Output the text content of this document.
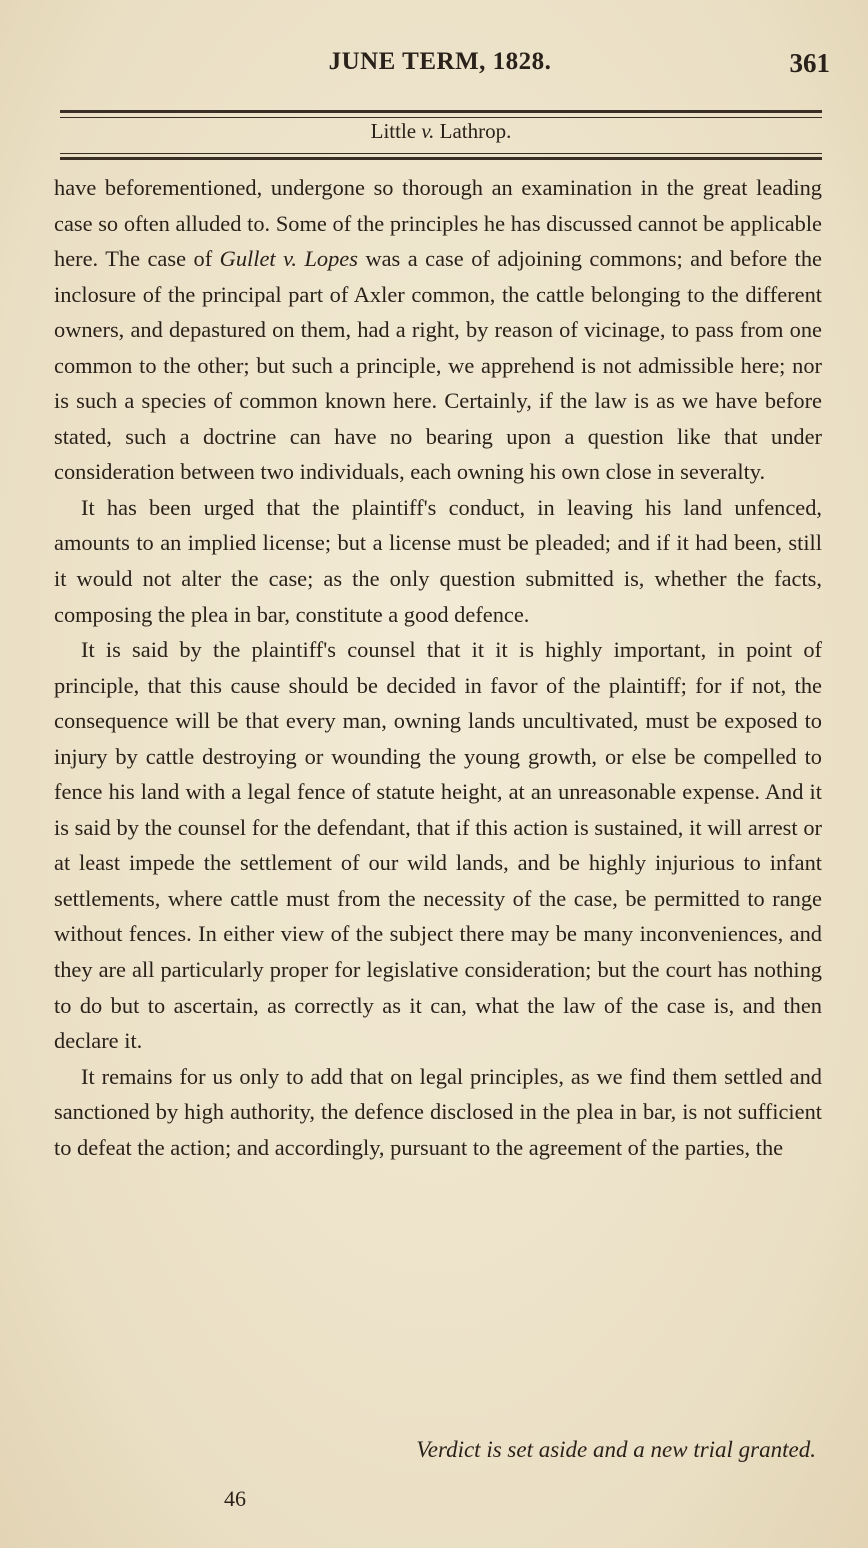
JUNE TERM, 1828.	361
Little v. Lathrop.

have beforementioned, undergone so thorough an examination in the great leading case so often alluded to. Some of the principles he has discussed cannot be applicable here. The case of Gullet v. Lopes was a case of adjoining commons; and before the inclosure of the principal part of Axler common, the cattle belonging to the different owners, and depastured on them, had a right, by reason of vicinage, to pass from one common to the other; but such a principle, we apprehend is not admissible here; nor is such a species of common known here. Certainly, if the law is as we have before stated, such a doctrine can have no bearing upon a question like that under consideration between two individuals, each owning his own close in severalty.

It has been urged that the plaintiff's conduct, in leaving his land unfenced, amounts to an implied license; but a license must be pleaded; and if it had been, still it would not alter the case; as the only question submitted is, whether the facts, composing the plea in bar, constitute a good defence.

It is said by the plaintiff's counsel that it it is highly important, in point of principle, that this cause should be decided in favor of the plaintiff; for if not, the consequence will be that every man, owning lands uncultivated, must be exposed to injury by cattle destroying or wounding the young growth, or else be compelled to fence his land with a legal fence of statute height, at an unreasonable expense. And it is said by the counsel for the defendant, that if this action is sustained, it will arrest or at least impede the settlement of our wild lands, and be highly injurious to infant settlements, where cattle must from the necessity of the case, be permitted to range without fences. In either view of the subject there may be many inconveniences, and they are all particularly proper for legislative consideration; but the court has nothing to do but to ascertain, as correctly as it can, what the law of the case is, and then declare it.

It remains for us only to add that on legal principles, as we find them settled and sanctioned by high authority, the defence disclosed in the plea in bar, is not sufficient to defeat the action; and accordingly, pursuant to the agreement of the parties, the

Verdict is set aside and a new trial granted.
46
